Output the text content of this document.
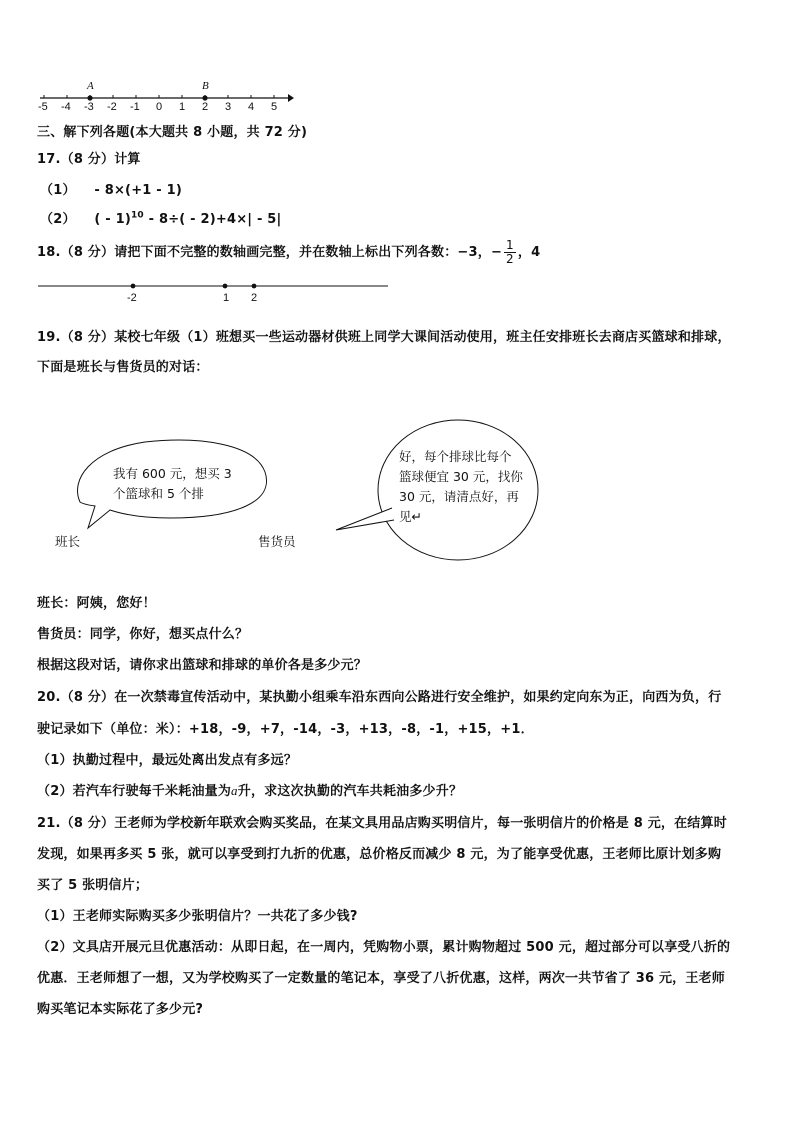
A	B
-5 -4 -3 -2 -1 0 1 2 3 4 5
三、解下列各题(本大题共 8 小题，共 72 分)
17.（8 分）计算
（1） - 8×(+1 - 1)
（2） ( - 1)$^{10}$ - 8÷( - 2)+4×| - 5|
18.（8 分）请把下面不完整的数轴画完整，并在数轴上标出下列各数：−3，− $\frac{1}{2}$ ，4
-2	1 2
19.（8 分）某校七年级（1）班想买一些运动器材供班上同学大课间活动使用，班主任安排班长去商店买篮球和排球，
下面是班长与售货员的对话：
我有 600 元，想买 3 个篮球和 5 个排
好，每个排球比每个篮球便宜 30 元，找你 30 元，请清点好，再见↵
班长	售货员
班长：阿姨，您好！
售货员：同学，你好，想买点什么？
根据这段对话，请你求出篮球和排球的单价各是多少元？
20.（8 分）在一次禁毒宣传活动中，某执勤小组乘车沿东西向公路进行安全维护，如果约定向东为正，向西为负，行
驶记录如下（单位：米）：+18，-9，+7，-14，-3，+13，-8，-1，+15，+1．
（1）执勤过程中，最远处离出发点有多远？
（2）若汽车行驶每千米耗油量为a升，求这次执勤的汽车共耗油多少升？
21.（8 分）王老师为学校新年联欢会购买奖品，在某文具用品店购买明信片，每一张明信片的价格是 8 元，在结算时
发现，如果再多买 5 张，就可以享受到打九折的优惠，总价格反而减少 8 元，为了能享受优惠，王老师比原计划多购
买了 5 张明信片；
（1）王老师实际购买多少张明信片？一共花了多少钱?
（2）文具店开展元旦优惠活动：从即日起，在一周内，凭购物小票，累计购物超过 500 元，超过部分可以享受八折的
优惠．王老师想了一想，又为学校购买了一定数量的笔记本，享受了八折优惠，这样，两次一共节省了 36 元，王老师
购买笔记本实际花了多少元?
